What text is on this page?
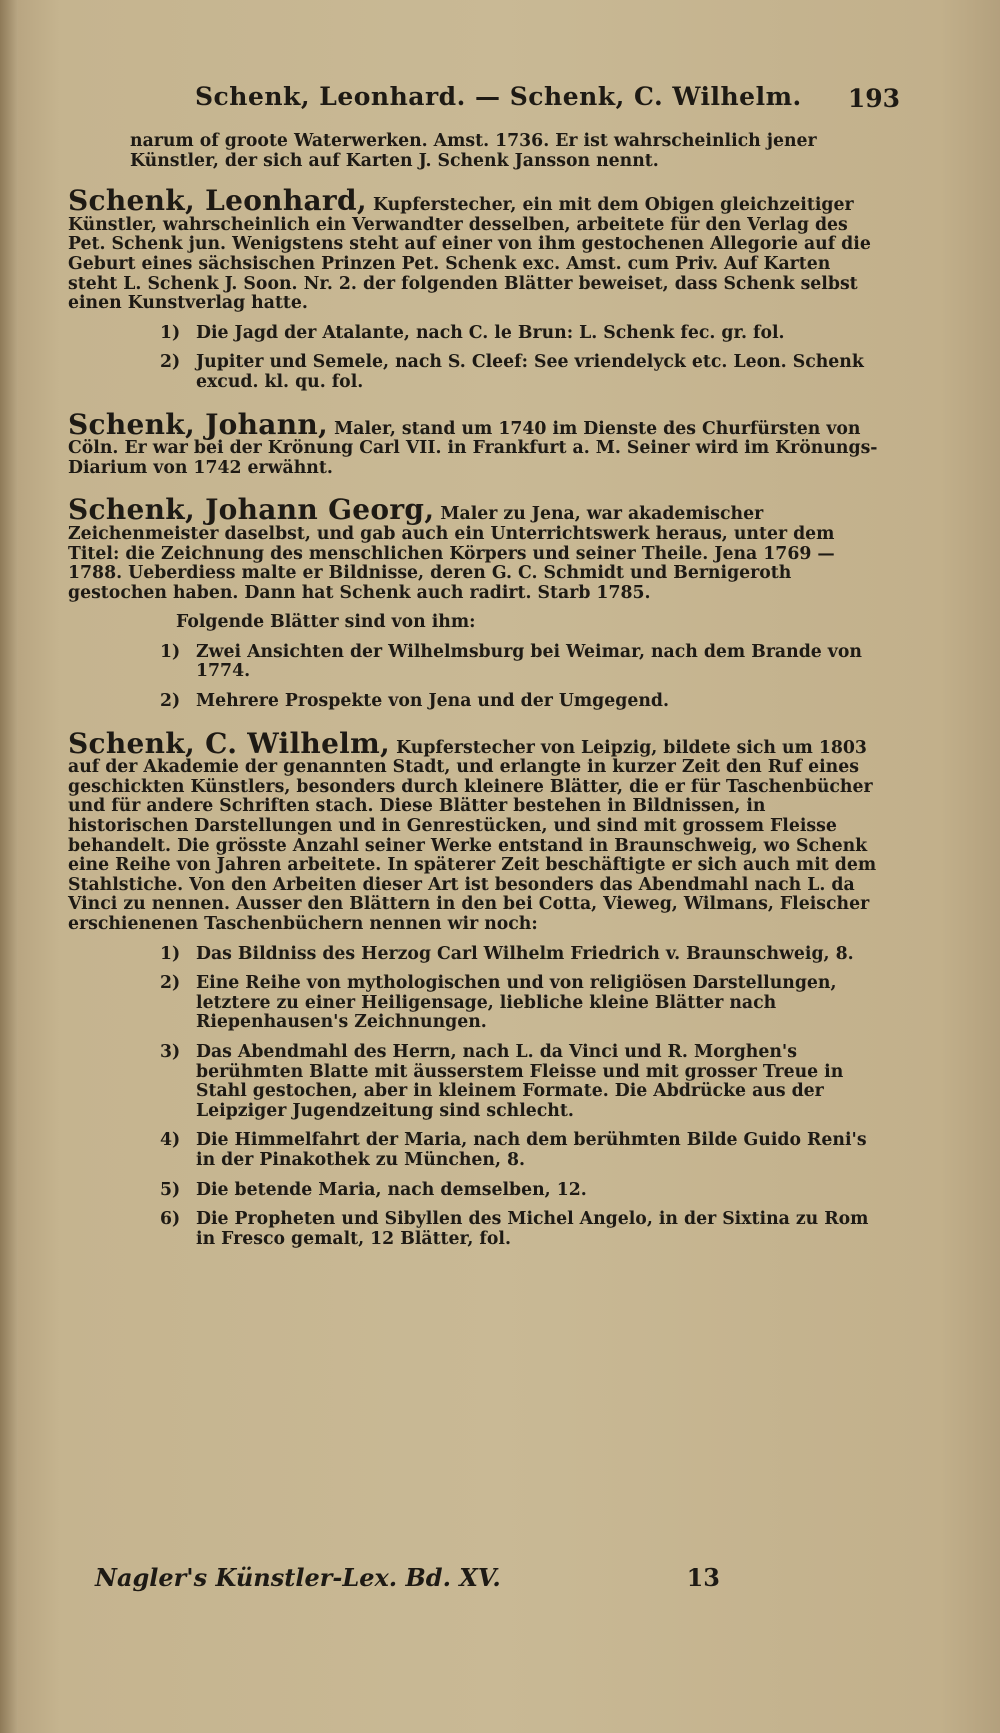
Schenk, Leonhard. — Schenk, C. Wilhelm. 193
narum of groote Waterwerken. Amst. 1736. Er ist wahrscheinlich jener Künstler, der sich auf Karten J. Schenk Jansson nennt.
Schenk, Leonhard, Kupferstecher, ein mit dem Obigen gleichzeitiger Künstler, wahrscheinlich ein Verwandter desselben, arbeitete für den Verlag des Pet. Schenk jun. Wenigstens steht auf einer von ihm gestochenen Allegorie auf die Geburt eines sächsischen Prinzen Pet. Schenk exc. Amst. cum Priv. Auf Karten steht L. Schenk J. Soon. Nr. 2. der folgenden Blätter beweiset, dass Schenk selbst einen Kunstverlag hatte.
1) Die Jagd der Atalante, nach C. le Brun: L. Schenk fec. gr. fol.
2) Jupiter und Semele, nach S. Cleef: See vriendelyck etc. Leon. Schenk excud. kl. qu. fol.
Schenk, Johann, Maler, stand um 1740 im Dienste des Churfürsten von Cöln. Er war bei der Krönung Carl VII. in Frankfurt a. M. Seiner wird im Krönungs-Diarium von 1742 erwähnt.
Schenk, Johann Georg, Maler zu Jena, war akademischer Zeichenmeister daselbst, und gab auch ein Unterrichtswerk heraus, unter dem Titel: die Zeichnung des menschlichen Körpers und seiner Theile. Jena 1769 — 1788. Ueberdiess malte er Bildnisse, deren G. C. Schmidt und Bernigeroth gestochen haben. Dann hat Schenk auch radirt. Starb 1785.
Folgende Blätter sind von ihm:
1) Zwei Ansichten der Wilhelmsburg bei Weimar, nach dem Brande von 1774.
2) Mehrere Prospekte von Jena und der Umgegend.
Schenk, C. Wilhelm, Kupferstecher von Leipzig, bildete sich um 1803 auf der Akademie der genannten Stadt, und erlangte in kurzer Zeit den Ruf eines geschickten Künstlers, besonders durch kleinere Blätter, die er für Taschenbücher und für andere Schriften stach. Diese Blätter bestehen in Bildnissen, in historischen Darstellungen und in Genrestücken, und sind mit grossem Fleisse behandelt. Die grösste Anzahl seiner Werke entstand in Braunschweig, wo Schenk eine Reihe von Jahren arbeitete. In späterer Zeit beschäftigte er sich auch mit dem Stahlstiche. Von den Arbeiten dieser Art ist besonders das Abendmahl nach L. da Vinci zu nennen. Ausser den Blättern in den bei Cotta, Vieweg, Wilmans, Fleischer erschienenen Taschenbüchern nennen wir noch:
1) Das Bildniss des Herzog Carl Wilhelm Friedrich v. Braunschweig, 8.
2) Eine Reihe von mythologischen und von religiösen Darstellungen, letztere zu einer Heiligensage, liebliche kleine Blätter nach Riepenhausen's Zeichnungen.
3) Das Abendmahl des Herrn, nach L. da Vinci und R. Morghen's berühmten Blatte mit äusserstem Fleisse und mit grosser Treue in Stahl gestochen, aber in kleinem Formate. Die Abdrücke aus der Leipziger Jugendzeitung sind schlecht.
4) Die Himmelfahrt der Maria, nach dem berühmten Bilde Guido Reni's in der Pinakothek zu München, 8.
5) Die betende Maria, nach demselben, 12.
6) Die Propheten und Sibyllen des Michel Angelo, in der Sixtina zu Rom in Fresco gemalt, 12 Blätter, fol.
Nagler's Künstler-Lex. Bd. XV.	13
